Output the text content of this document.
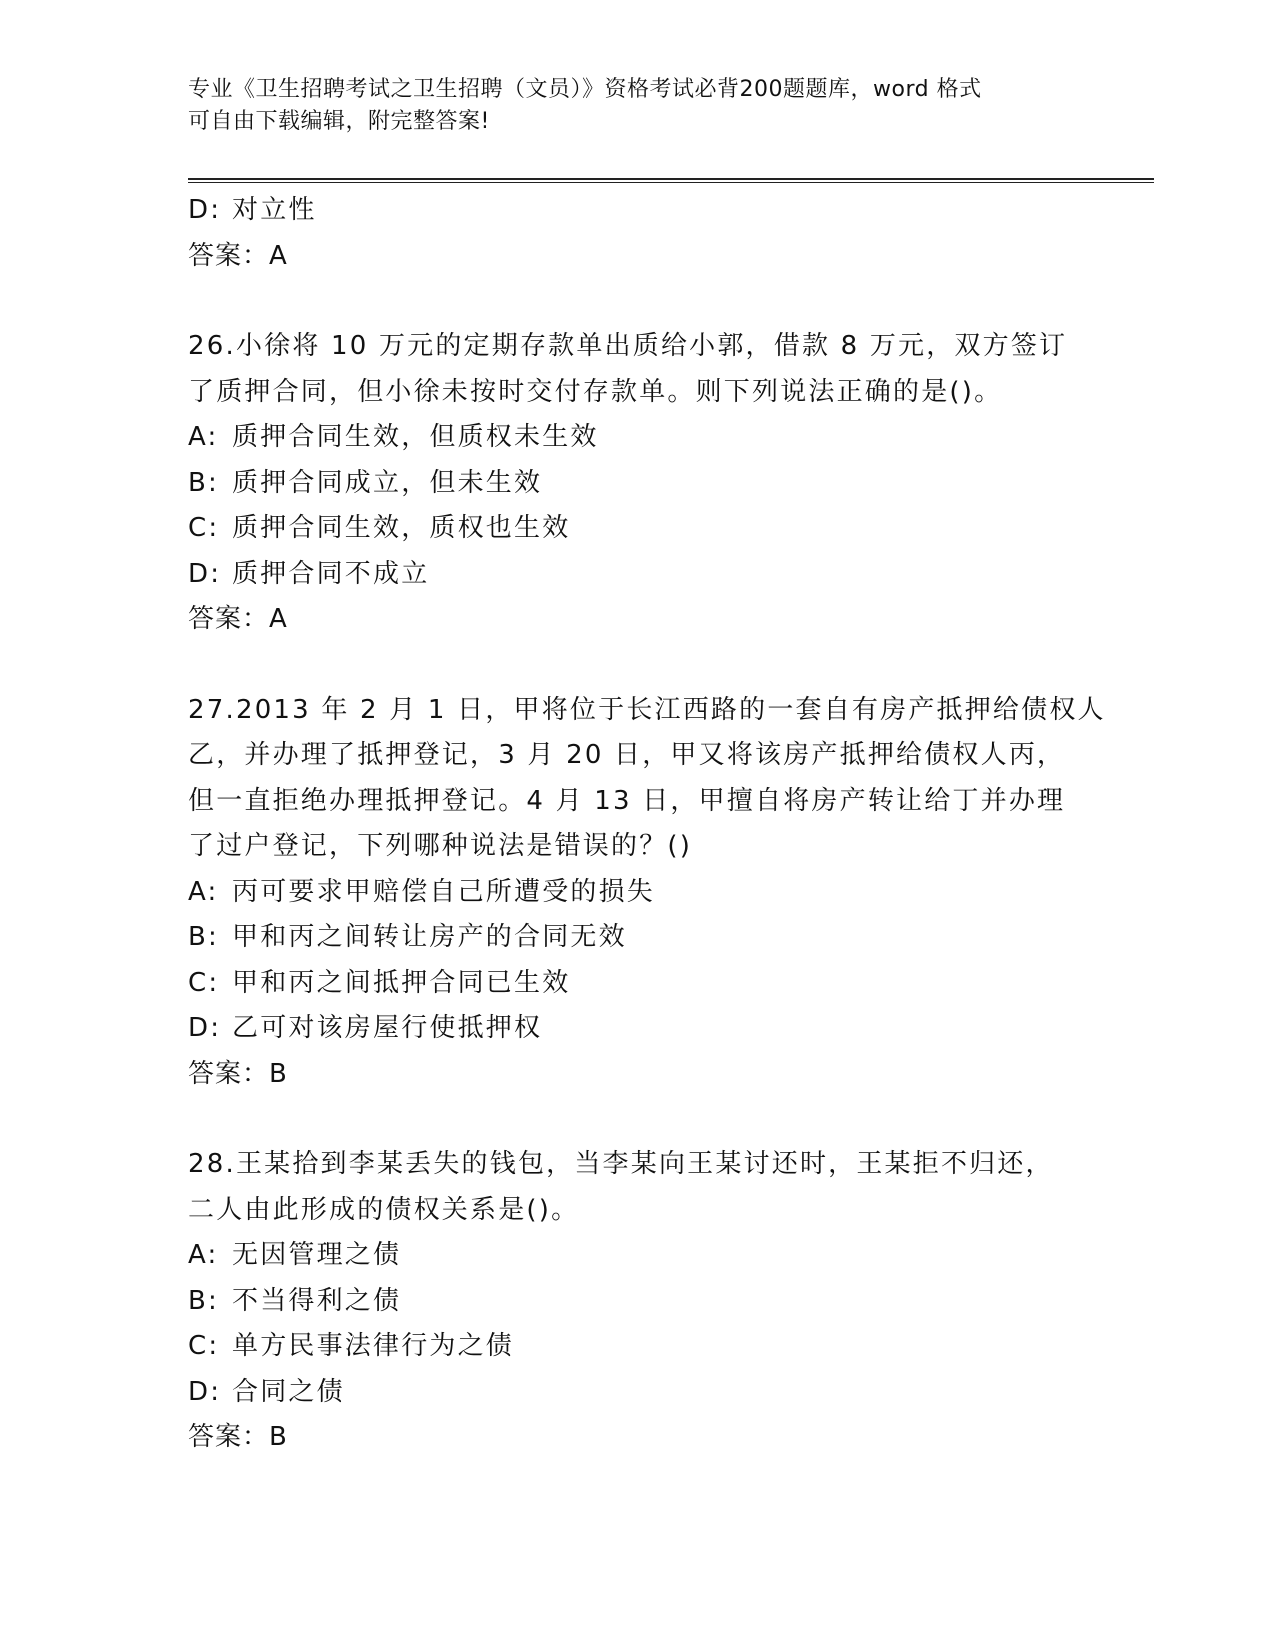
专业《卫生招聘考试之卫生招聘（文员）》资格考试必背200题题库，word 格式
可自由下载编辑，附完整答案!
D: 对立性
答案：A
26.小徐将 10 万元的定期存款单出质给小郭，借款 8 万元，双方签订
了质押合同，但小徐未按时交付存款单。则下列说法正确的是()。
A: 质押合同生效，但质权未生效
B: 质押合同成立，但未生效
C: 质押合同生效，质权也生效
D: 质押合同不成立
答案：A
27.2013 年 2 月 1 日，甲将位于长江西路的一套自有房产抵押给债权人
乙，并办理了抵押登记，3 月 20 日，甲又将该房产抵押给债权人丙，
但一直拒绝办理抵押登记。4 月 13 日，甲擅自将房产转让给丁并办理
了过户登记，下列哪种说法是错误的？()
A: 丙可要求甲赔偿自己所遭受的损失
B: 甲和丙之间转让房产的合同无效
C: 甲和丙之间抵押合同已生效
D: 乙可对该房屋行使抵押权
答案：B
28.王某拾到李某丢失的钱包，当李某向王某讨还时，王某拒不归还，
二人由此形成的债权关系是()。
A: 无因管理之债
B: 不当得利之债
C: 单方民事法律行为之债
D: 合同之债
答案：B
